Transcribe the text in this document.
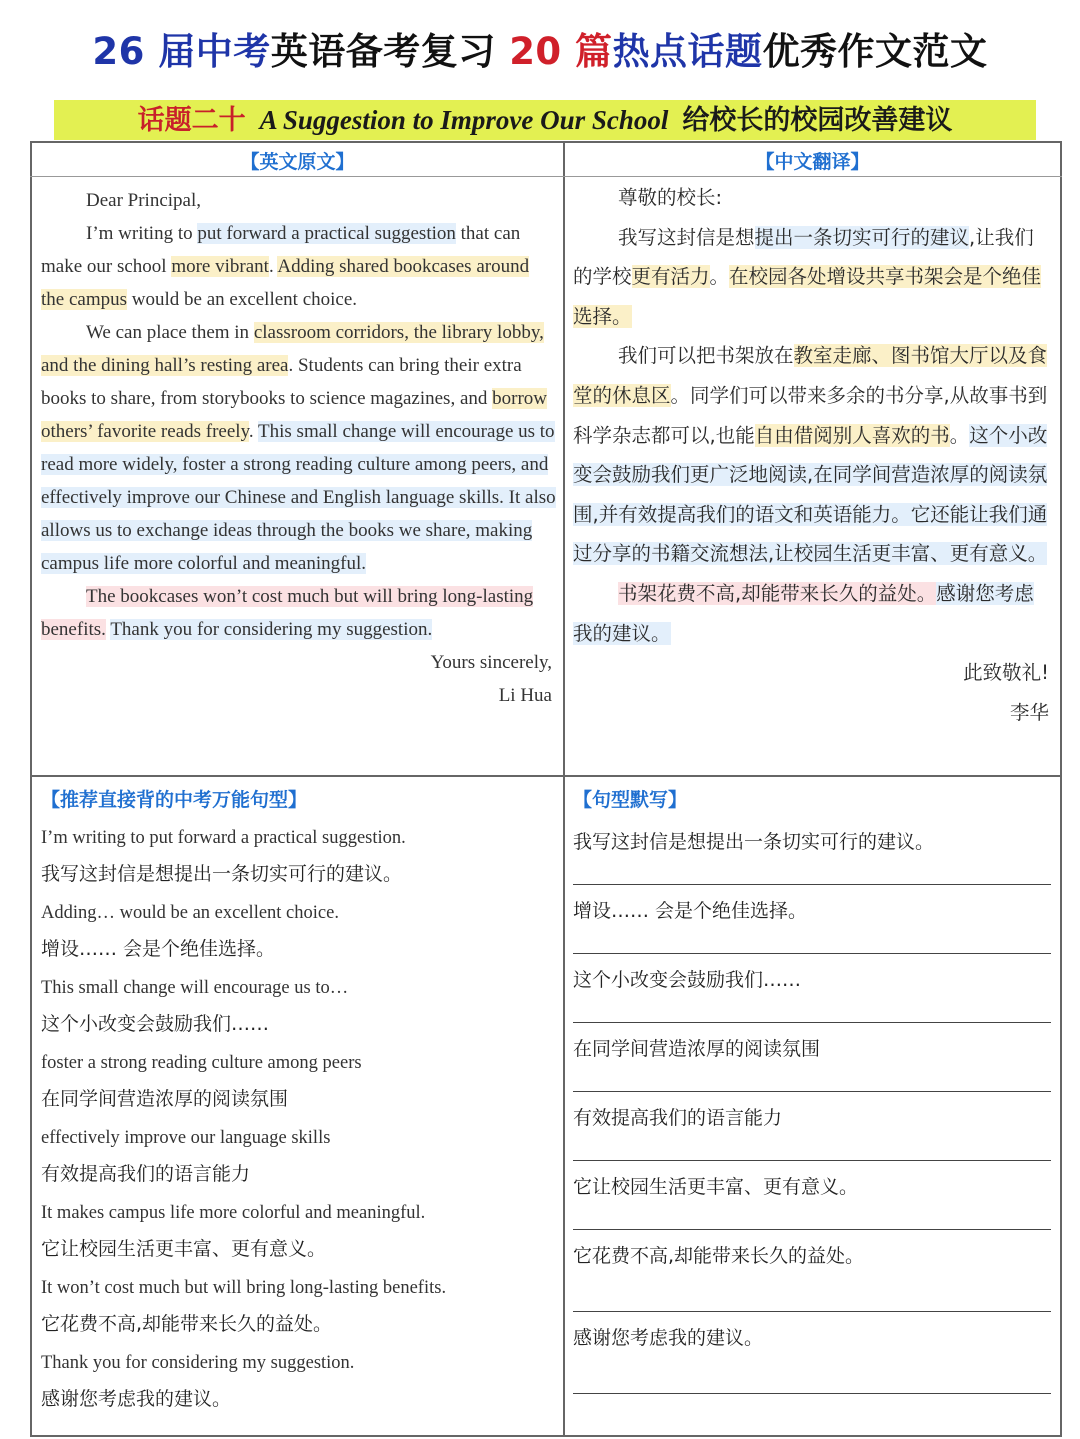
26 届中考英语备考复习 20 篇热点话题优秀作文范文
话题二十 A Suggestion to Improve Our School 给校长的校园改善建议
【英文原文】	【中文翻译】

Dear Principal,

I’m writing to put forward a practical suggestion that can make our school more vibrant. Adding shared bookcases around the campus would be an excellent choice.

We can place them in classroom corridors, the library lobby, and the dining hall’s resting area. Students can bring their extra books to share, from storybooks to science magazines, and borrow others’ favorite reads freely. This small change will encourage us to read more widely, foster a strong reading culture among peers, and effectively improve our Chinese and English language skills. It also allows us to exchange ideas through the books we share, making campus life more colorful and meaningful.

The bookcases won’t cost much but will bring long-lasting benefits. Thank you for considering my suggestion.

Yours sincerely,

Li Hua

尊敬的校长:

我写这封信是想提出一条切实可行的建议,让我们的学校更有活力。在校园各处增设共享书架会是个绝佳选择。

我们可以把书架放在教室走廊、图书馆大厅以及食堂的休息区。同学们可以带来多余的书分享,从故事书到科学杂志都可以,也能自由借阅别人喜欢的书。这个小改变会鼓励我们更广泛地阅读,在同学间营造浓厚的阅读氛围,并有效提高我们的语文和英语能力。它还能让我们通过分享的书籍交流想法,让校园生活更丰富、更有意义。

书架花费不高,却能带来长久的益处。感谢您考虑我的建议。

此致敬礼!

李华

【推荐直接背的中考万能句型】	【句型默写】
I’m writing to put forward a practical suggestion.
我写这封信是想提出一条切实可行的建议。
Adding… would be an excellent choice.
增设…… 会是个绝佳选择。
This small change will encourage us to…
这个小改变会鼓励我们……
foster a strong reading culture among peers
在同学间营造浓厚的阅读氛围
effectively improve our language skills
有效提高我们的语言能力
It makes campus life more colorful and meaningful.
它让校园生活更丰富、更有意义。
It won’t cost much but will bring long-lasting benefits.
它花费不高,却能带来长久的益处。
Thank you for considering my suggestion.
感谢您考虑我的建议。
我写这封信是想提出一条切实可行的建议。
增设…… 会是个绝佳选择。
这个小改变会鼓励我们……
在同学间营造浓厚的阅读氛围
有效提高我们的语言能力
它让校园生活更丰富、更有意义。
它花费不高,却能带来长久的益处。
感谢您考虑我的建议。
